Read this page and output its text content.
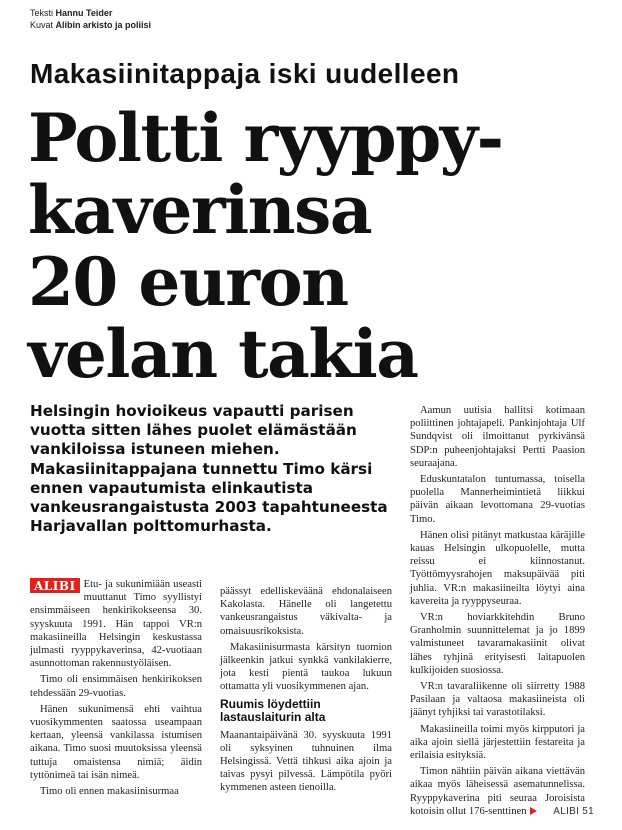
Teksti Hannu Teider
Kuvat Alibin arkisto ja poliisi
Makasiinitappaja iski uudelleen
Poltti ryyppy-
kaverinsa
20 euron
velan takia
Helsingin hovioikeus vapautti parisen vuotta sitten lähes puolet elämästään vankiloissa istuneen miehen. Makasiinitappajana tunnettu Timo kärsi ennen vapautumista elinkautista vankeusrangaistusta 2003 tapahtuneesta Harjavallan polttomurhasta.

ALIBI Etu- ja sukunimiään useasti muuttanut Timo syyllistyi ensimmäiseen henkirikokseensa 30. syyskuuta 1991. Hän tappoi VR:n makasiineilla Helsingin keskustassa julmasti ryyppykaverinsa, 42-vuotiaan asunnottoman rakennustyöläisen.

Timo oli ensimmäisen henkirikoksen tehdessään 29-vuotias.

Hänen sukunimensä ehti vaihtua vuosikymmenten saatossa useampaan kertaan, yleensä vankilassa istumisen aikana. Timo suosi muutoksissa yleensä tuttuja omaistensa nimiä; äidin tyttönimeä tai isän nimeä.

Timo oli ennen makasiinisurmaa

päässyt edelliskeväänä ehdonalaiseen Kakolasta. Hänelle oli langetettu vankeusrangaistus väkivalta- ja omaisuusrikoksista.

Makasiinisurmasta kärsityn tuomion jälkeenkin jatkui synkkä vankilakierre, jota kesti pientä taukoa lukuun ottamatta yli vuosikymmenen ajan.

Ruumis löydettiin lastauslaiturin alta

Maanantaipäivänä 30. syyskuuta 1991 oli syksyinen tuhnuinen ilma Helsingissä. Vettä tihkusi aika ajoin ja taivas pysyi pilvessä. Lämpötila pyöri kymmenen asteen tienoilla.

Aamun uutisia hallitsi kotimaan poliittinen johtajapeli. Pankinjohtaja Ulf Sundqvist oli ilmoittanut pyrkivänsä SDP:n puheenjohtajaksi Pertti Paasion seuraajana.

Eduskuntatalon tuntumassa, toisella puolella Mannerheimintietä liikkui päivän aikaan levottomana 29-vuotias Timo.

Hänen olisi pitänyt matkustaa käräjille kauas Helsingin ulkopuolelle, mutta reissu ei kiinnostanut. Työttömyysrahojen maksupäivää piti juhlia. VR:n makasiineilta löytyi aina kavereita ja ryyppyseuraa.

VR:n hoviarkkitehdin Bruno Granholmin suunnittelemat ja jo 1899 valmistuneet tavaramakasiinit olivat lähes tyhjinä erityisesti laitapuolen kulkijoiden suosiossa.

VR:n tavaraliikenne oli siirretty 1988 Pasilaan ja valtaosa makasiineista oli jäänyt tyhjiksi tai varastotilaksi.

Makasiineilla toimi myös kirpputori ja aika ajoin siellä järjestettiin festareita ja erilaisia esityksiä.

Timon nähtiin päivän aikana viettävän aikaa myös läheisessä asematunnelissa. Ryyppykaverina piti seuraa Joroisista kotoisin ollut 176-senttinen	ALIBI 51
